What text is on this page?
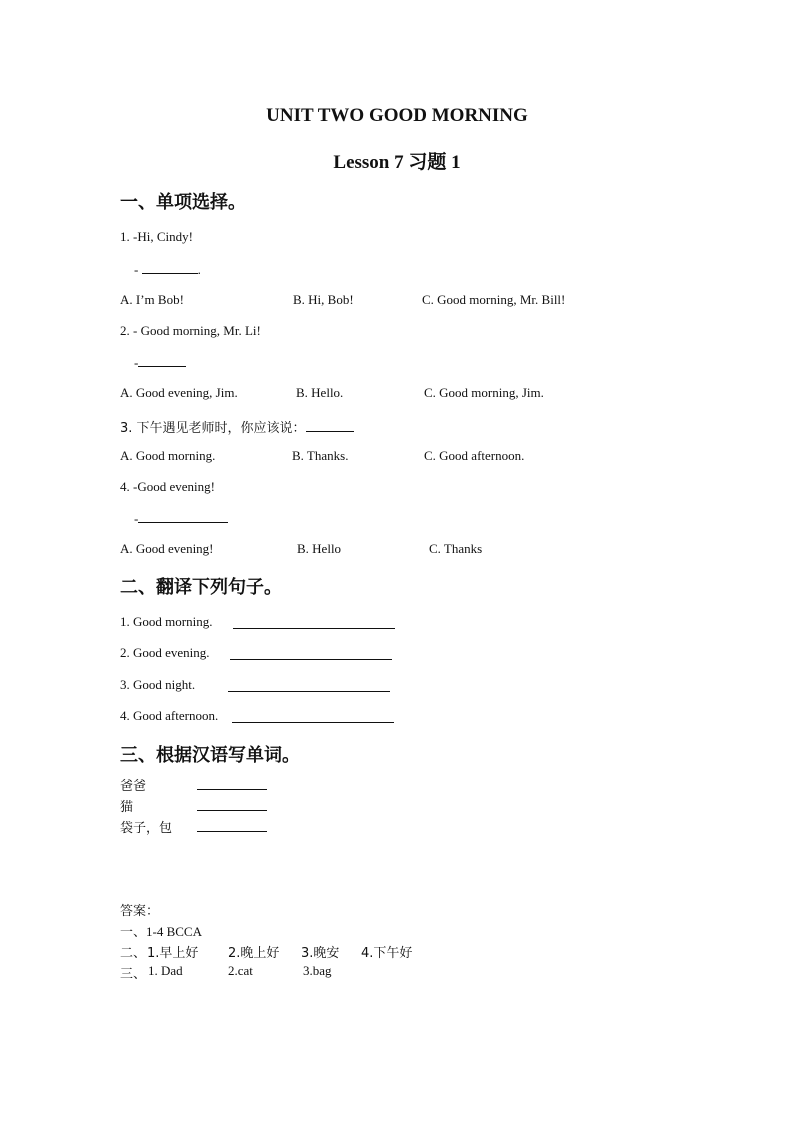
UNIT TWO GOOD MORNING
Lesson 7 习题 1
一、单项选择。
1. -Hi, Cindy!
-	.
A. I’m Bob!	B. Hi, Bob!	C. Good morning, Mr. Bill!
2. - Good morning, Mr. Li!
-
A. Good evening, Jim.	B. Hello.	C. Good morning, Jim.
3. 下午遇见老师时，你应该说：
A. Good morning.	B. Thanks.	C. Good afternoon.
4. -Good evening!
-
A. Good evening!	B. Hello	C. Thanks
二、翻译下列句子。
1. Good morning.
2. Good evening.
3. Good night.
4. Good afternoon.
三、根据汉语写单词。
爸爸
猫
袋子，包
答案：
一、1-4 BCCA
二、 1.早上好 2.晚上好 3.晚安 4.下午好
三、 1. Dad	2.cat	3.bag
